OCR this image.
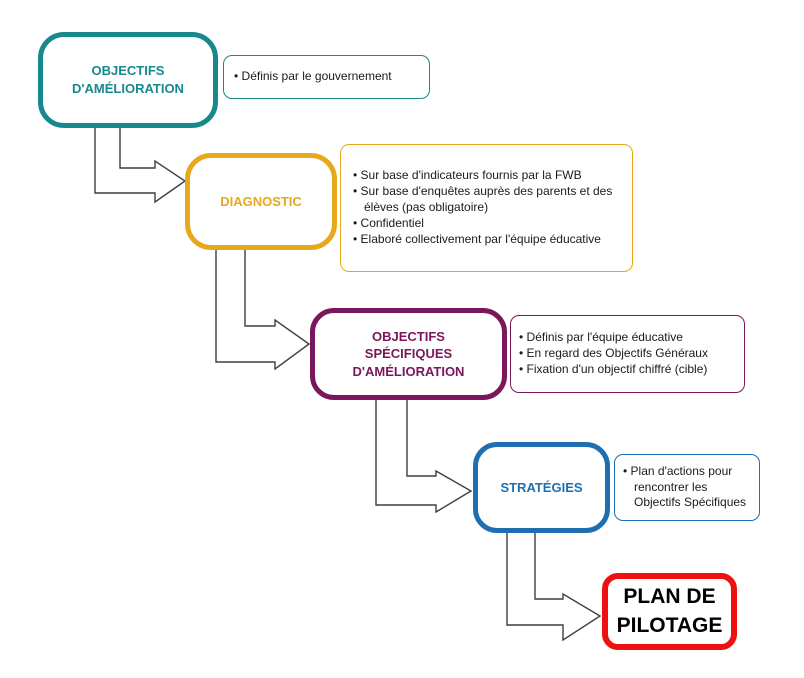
OBJECTIFS D'AMÉLIORATION
• Définis par le gouvernement
DIAGNOSTIC
• Sur base d'indicateurs fournis par la FWB
• Sur base d'enquêtes auprès des parents et des élèves (pas obligatoire)
• Confidentiel
• Elaboré collectivement par l'équipe éducative
OBJECTIFS SPÉCIFIQUES D'AMÉLIORATION
• Définis par l'équipe éducative
• En regard des Objectifs Généraux
• Fixation d'un objectif chiffré (cible)
STRATÉGIES
• Plan d'actions pour rencontrer les Objectifs Spécifiques
PLAN DE PILOTAGE
